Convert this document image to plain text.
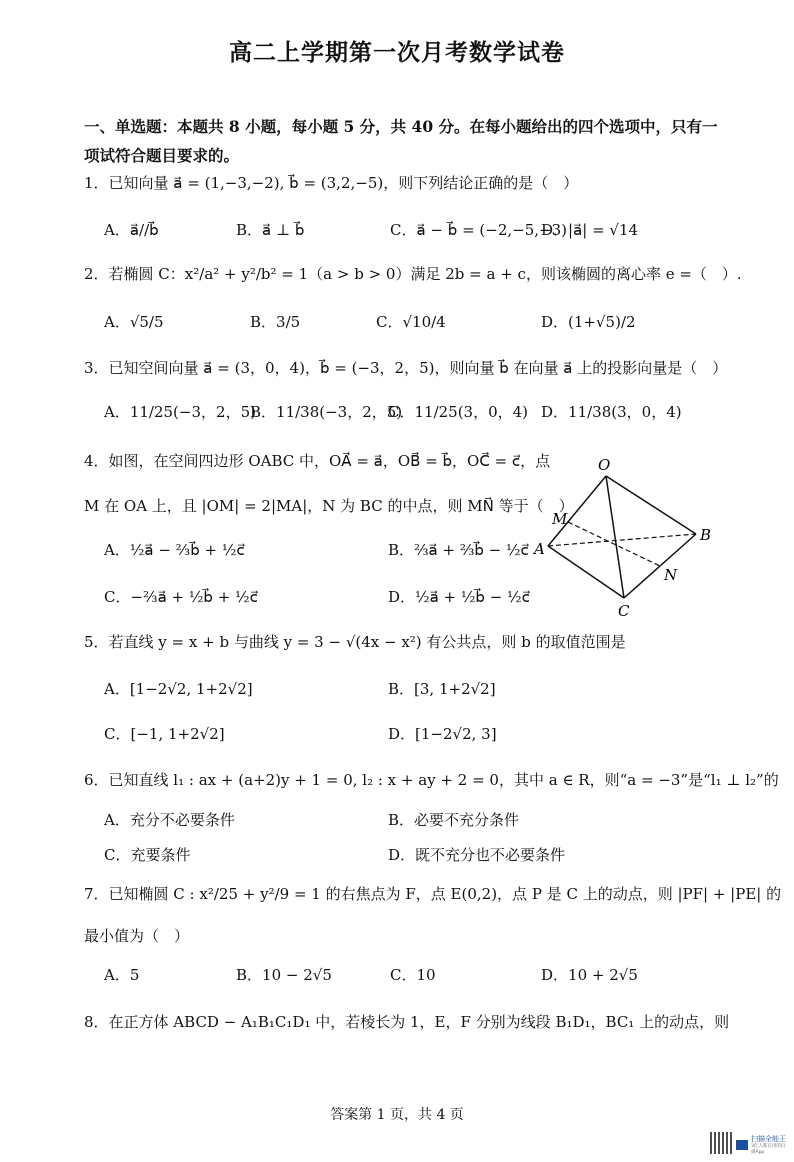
高二上学期第一次月考数学试卷
一、单选题：本题共 8 小题，每小题 5 分，共 40 分。在每小题给出的四个选项中，只有一
项试符合题目要求的。
1．已知向量 a⃗ = (1,−3,−2), b⃗ = (3,2,−5)，则下列结论正确的是（　）
A．a⃗//b⃗	B．a⃗ ⊥ b⃗	C．a⃗ − b⃗ = (−2,−5,−3)
D．|a⃗| = √14
2．若椭圆 C：x²/a² + y²/b² = 1（a > b > 0）满足 2b = a + c，则该椭圆的离心率 e =（　）.
A．√5/5	B．3/5	C．√10/4	D．(1+√5)/2
3．已知空间向量 a⃗ = (3，0，4)，b⃗ = (−3，2，5)，则向量 b⃗ 在向量 a⃗ 上的投影向量是（　）
A．11/25(−3，2，5)
B．11/38(−3，2，5)
C．11/25(3，0，4) D．11/38(3，0，4)
4．如图，在空间四边形 OABC 中，OA⃗ = a⃗，OB⃗ = b⃗，OC⃗ = c⃗，点
M 在 OA 上，且 |OM| = 2|MA|，N 为 BC 的中点，则 MN⃗ 等于（　）
A．½a⃗ − ⅔b⃗ + ½c⃗	B．⅔a⃗ + ⅔b⃗ − ½c⃗
C．−⅔a⃗ + ½b⃗ + ½c⃗	D．½a⃗ + ½b⃗ − ½c⃗
O
M
A
B
N
C
5．若直线 y = x + b 与曲线 y = 3 − √(4x − x²) 有公共点，则 b 的取值范围是
A．[1−2√2, 1+2√2]	B．[3, 1+2√2]
C．[−1, 1+2√2]	D．[1−2√2, 3]
6．已知直线 l₁ : ax + (a+2)y + 1 = 0, l₂ : x + ay + 2 = 0，其中 a ∈ R，则“a = −3”是“l₁ ⊥ l₂”的
A．充分不必要条件	B．必要不充分条件
C．充要条件	D．既不充分也不必要条件
7．已知椭圆 C : x²/25 + y²/9 = 1 的右焦点为 F，点 E(0,2)，点 P 是 C 上的动点，则 |PF| + |PE| 的
最小值为（　）
A．5	B．10 − 2√5	C．10	D．10 + 2√5
8．在正方体 ABCD − A₁B₁C₁D₁ 中，若棱长为 1，E，F 分别为线段 B₁D₁，BC₁ 上的动点，则
答案第 1 页，共 4 页
扫描全能王
3亿人都在用的扫描App
